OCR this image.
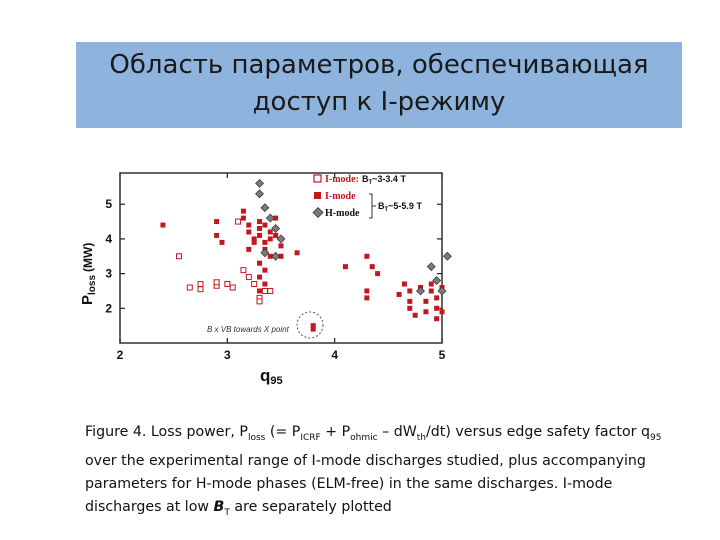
Область параметров, обеспечивающая
доступ к I-режиму
2	3	4	5
2
3
4
5
B x VB towards X point
I-mode: $B_T\sim 3-3.4$ T
I-mode
H-mode
$B_T\sim 5-5.9$ T
q95
$P_{loss}^{(MW)}$
Figure 4. Loss power, $P_{loss}$ (= $P_{ICRF} + P_{ohmic} - dW_{th}/dt$) versus edge safety factor $q_{95}$ over the experimental range of I-mode discharges studied, plus accompanying parameters for H-mode phases (ELM-free) in the same discharges. I-mode discharges at low $B_T$ are separately plotted
